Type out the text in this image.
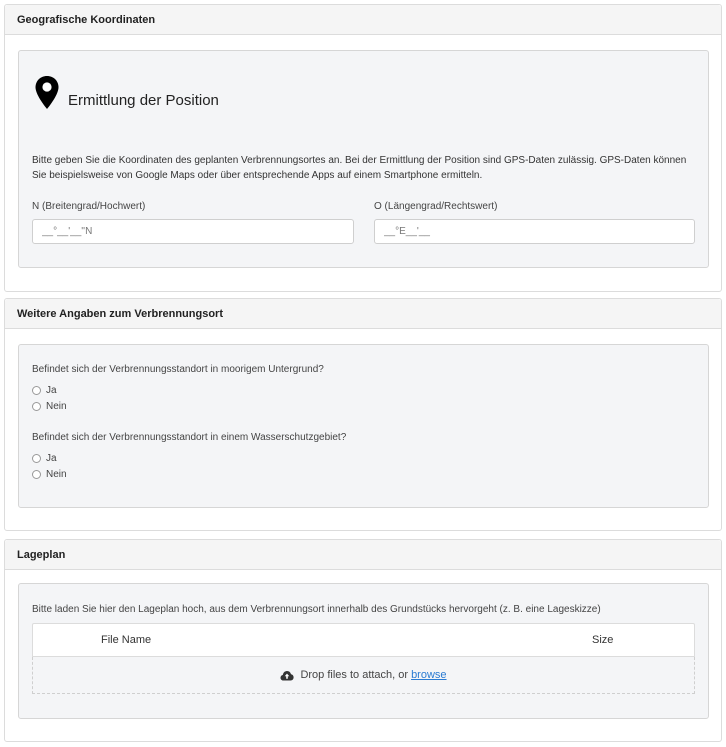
Geografische Koordinaten
Ermittlung der Position
Bitte geben Sie die Koordinaten des geplanten Verbrennungsortes an. Bei der Ermittlung der Position sind GPS-Daten zulässig. GPS-Daten können Sie beispielsweise von Google Maps oder über entsprechende Apps auf einem Smartphone ermitteln.
N (Breitengrad/Hochwert)
__°__'__''N	O (Längengrad/Rechtswert)
__°E__'__
Weitere Angaben zum Verbrennungsort
Befindet sich der Verbrennungsstandort in moorigem Untergrund?
Ja
Nein
Befindet sich der Verbrennungsstandort in einem Wasserschutzgebiet?
Ja
Nein
Lageplan
Bitte laden Sie hier den Lageplan hoch, aus dem Verbrennungsort innerhalb des Grundstücks hervorgeht (z. B. eine Lageskizze)
File Name	Size
Drop files to attach, or browse
